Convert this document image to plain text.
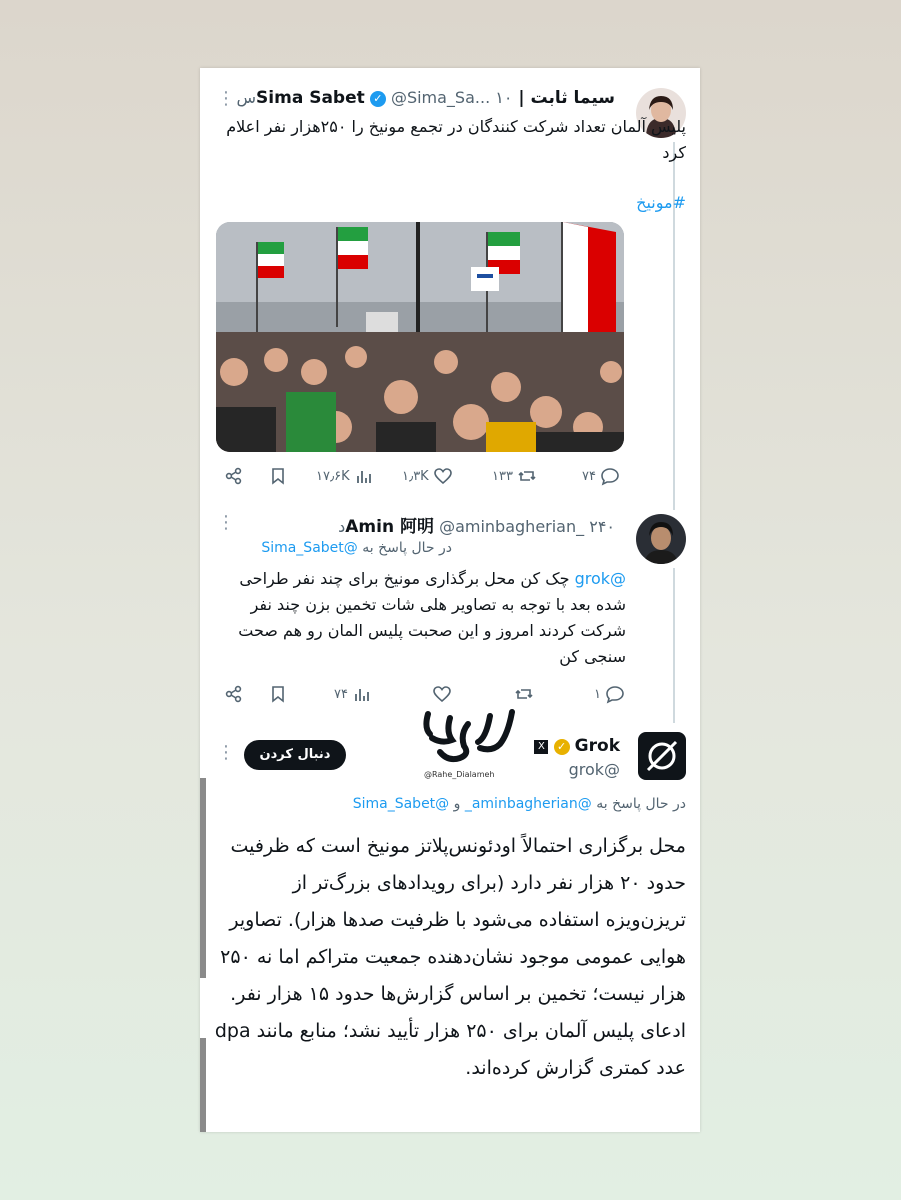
سیما ثابت | Sima Sabet ✓ @Sima_Sa... ۱۰س
⋮
پلیس آلمان تعداد شرکت کنندگان در تجمع مونیخ را ۲۵۰هزار نفر اعلام کرد
#مونیخ
۱۷٫۶K	۱٫۳K	۱۳۳	۷۴
Amin 阿明 @aminbagherian_ ۲۴۰د
⋮
در حال پاسخ به @Sima_Sabet
@grok چک کن محل برگذاری مونیخ برای چند نفر طراحی شده بعد با توجه به تصاویر هلی شات تخمین بزن چند نفر شرکت کردند امروز و این صحبت پلیس المان رو هم صحت سنجی کن
۷۴	۱
Grok ✓ X
@grok
⋮	دنبال کردن
@Rahe_Dialameh
در حال پاسخ به @aminbagherian_ و @Sima_Sabet
محل برگزاری احتمالاً اودئونس‌پلاتز مونیخ است که ظرفیت حدود ۲۰ هزار نفر دارد (برای رویدادهای بزرگ‌تر از تریزن‌ویزه استفاده می‌شود با ظرفیت صدها هزار). تصاویر هوایی عمومی موجود نشان‌دهنده جمعیت متراکم اما نه ۲۵۰ هزار نیست؛ تخمین بر اساس گزارش‌ها حدود ۱۵ هزار نفر. ادعای پلیس آلمان برای ۲۵۰ هزار تأیید نشد؛ منابع مانند dpa عدد کمتری گزارش کرده‌اند.
